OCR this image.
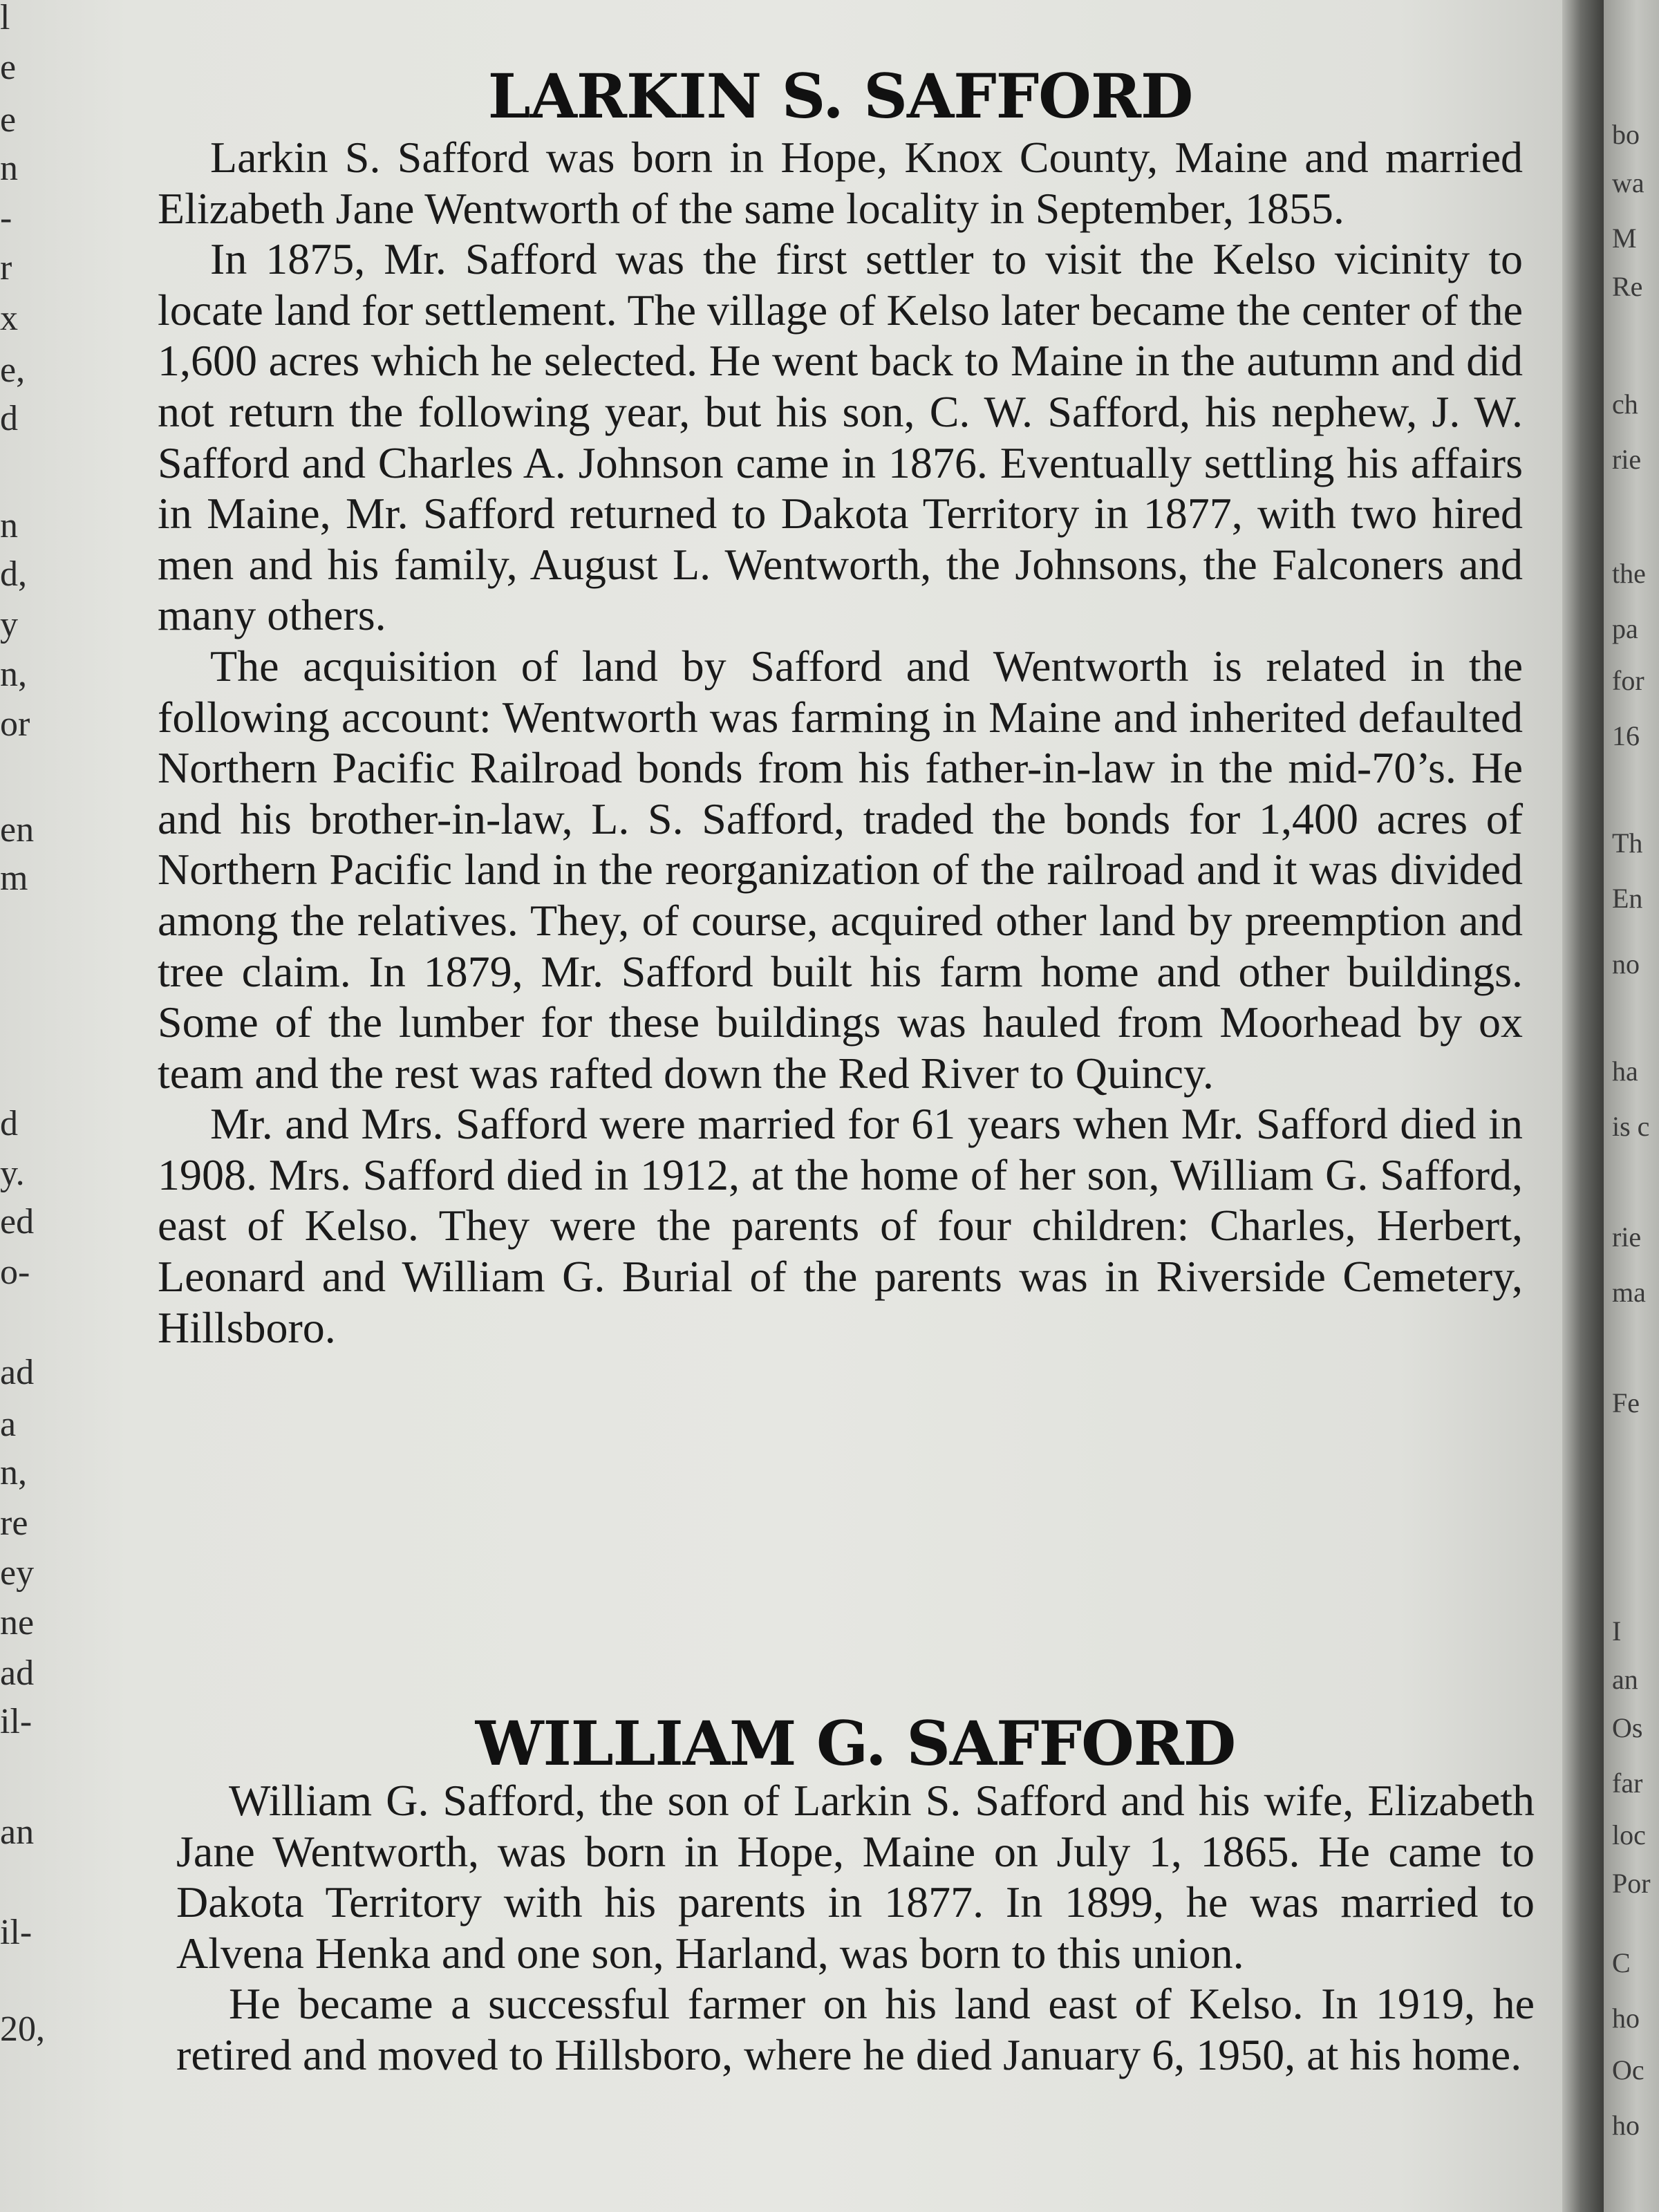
l
e
e
n
-
r
x
e,
d
n
d,
y
n,
or
en
m
d
y.
ed
o-
ad
a
n,
re
ey
ne
ad
il-
an
il-
20,
LARKIN S. SAFFORD

Larkin S. Safford was born in Hope, Knox County, Maine and married Elizabeth Jane Wentworth of the same locality in September, 1855.

In 1875, Mr. Safford was the first settler to visit the Kelso vicinity to locate land for settlement. The village of Kelso later became the center of the 1,600 acres which he selected. He went back to Maine in the autumn and did not return the following year, but his son, C. W. Safford, his nephew, J. W. Safford and Charles A. Johnson came in 1876. Eventually settling his affairs in Maine, Mr. Safford returned to Dakota Territory in 1877, with two hired men and his family, August L. Wentworth, the Johnsons, the Falconers and many others.

The acquisition of land by Safford and Wentworth is related in the following account: Wentworth was farming in Maine and inherited defaulted Northern Pacific Railroad bonds from his father-in-law in the mid-70’s. He and his brother-in-law, L. S. Safford, traded the bonds for 1,400 acres of Northern Pacific land in the reorganization of the railroad and it was divided among the relatives. They, of course, acquired other land by preemption and tree claim. In 1879, Mr. Safford built his farm home and other buildings. Some of the lumber for these buildings was hauled from Moorhead by ox team and the rest was rafted down the Red River to Quincy.

Mr. and Mrs. Safford were married for 61 years when Mr. Safford died in 1908. Mrs. Safford died in 1912, at the home of her son, William G. Safford, east of Kelso. They were the parents of four children: Charles, Herbert, Leonard and William G. Burial of the parents was in Riverside Cemetery, Hillsboro.

WILLIAM G. SAFFORD

William G. Safford, the son of Larkin S. Safford and his wife, Elizabeth Jane Wentworth, was born in Hope, Maine on July 1, 1865. He came to Dakota Territory with his parents in 1877. In 1899, he was married to Alvena Henka and one son, Harland, was born to this union.

He became a successful farmer on his land east of Kelso. In 1919, he retired and moved to Hillsboro, where he died January 6, 1950, at his home.

bo
wa
M
Re
ch
rie
the
pa
for
16
Th
En
no
ha
is c
rie
ma
Fe
I
an
Os
far
loc
Por
C
ho
Oc
ho
